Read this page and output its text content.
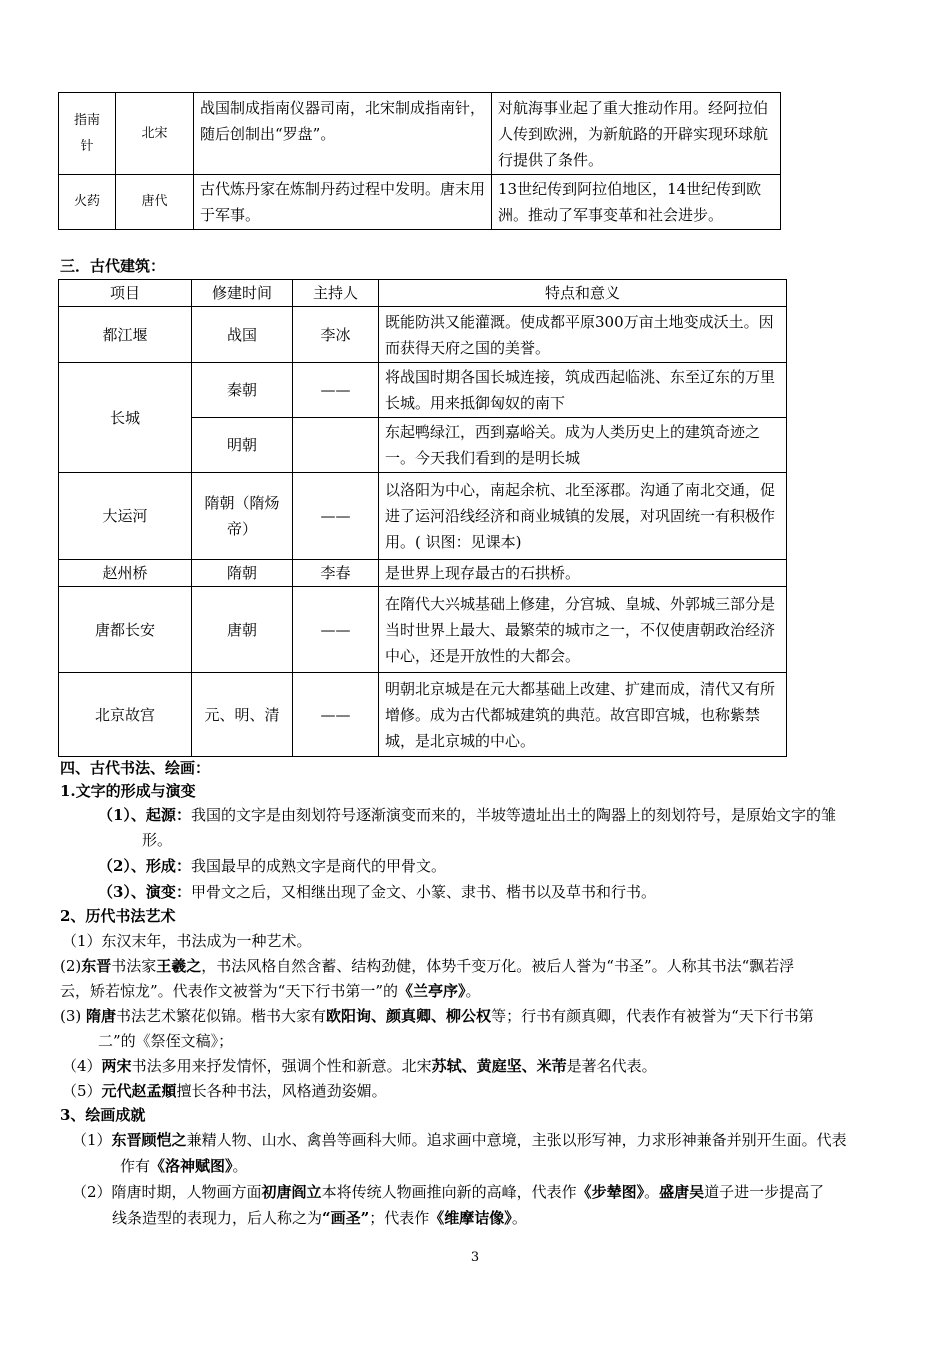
指南针	北宋	战国制成指南仪器司南，北宋制成指南针，随后创制出“罗盘”。	对航海事业起了重大推动作用。经阿拉伯人传到欧洲，为新航路的开辟实现环球航行提供了条件。
火药	唐代	古代炼丹家在炼制丹药过程中发明。唐末用于军事。	13世纪传到阿拉伯地区，14世纪传到欧洲。推动了军事变革和社会进步。
三．古代建筑：
项目	修建时间	主持人	特点和意义
都江堰	战国	李冰	既能防洪又能灌溉。使成都平原300万亩土地变成沃土。因而获得天府之国的美誉。
长城	秦朝	——	将战国时期各国长城连接，筑成西起临洮、东至辽东的万里长城。用来抵御匈奴的南下
	明朝		东起鸭绿江，西到嘉峪关。成为人类历史上的建筑奇迹之一。今天我们看到的是明长城
大运河	隋朝（隋炀帝）	——	以洛阳为中心，南起余杭、北至涿郡。沟通了南北交通，促进了运河沿线经济和商业城镇的发展，对巩固统一有积极作用。( 识图：见课本)
赵州桥	隋朝	李春	是世界上现存最古的石拱桥。
唐都长安	唐朝	——	在隋代大兴城基础上修建，分宫城、皇城、外郭城三部分是当时世界上最大、最繁荣的城市之一，不仅使唐朝政治经济中心，还是开放性的大都会。
北京故宫	元、明、清	——	明朝北京城是在元大都基础上改建、扩建而成，清代又有所增修。成为古代都城建筑的典范。故宫即宫城，也称紫禁城，是北京城的中心。
四、古代书法、绘画：
1.文字的形成与演变
（1）、起源：我国的文字是由刻划符号逐渐演变而来的，半坡等遗址出土的陶器上的刻划符号，是原始文字的雏
形。
（2）、形成：我国最早的成熟文字是商代的甲骨文。
（3）、演变：甲骨文之后，又相继出现了金文、小篆、隶书、楷书以及草书和行书。
2、历代书法艺术
（1）东汉末年，书法成为一种艺术。
(2)东晋书法家王羲之，书法风格自然含蓄、结构劲健，体势千变万化。被后人誉为“书圣”。人称其书法“飘若浮
云，矫若惊龙”。代表作文被誉为“天下行书第一”的《兰亭序》。
(3) 隋唐书法艺术繁花似锦。楷书大家有欧阳询、颜真卿、柳公权等；行书有颜真卿，代表作有被誉为“天下行书第
二”的《祭侄文稿》；
（4）两宋书法多用来抒发情怀，强调个性和新意。北宋苏轼、黄庭坚、米芾是著名代表。
（5）元代赵孟頫擅长各种书法，风格遒劲姿媚。
3、绘画成就
（1）东晋顾恺之兼精人物、山水、禽兽等画科大师。追求画中意境，主张以形写神，力求形神兼备并别开生面。代表
作有《洛神赋图》。
（2）隋唐时期，人物画方面初唐阎立本将传统人物画推向新的高峰，代表作《步辇图》。盛唐吴道子进一步提高了
线条造型的表现力，后人称之为“画圣”；代表作《维摩诘像》。
3
